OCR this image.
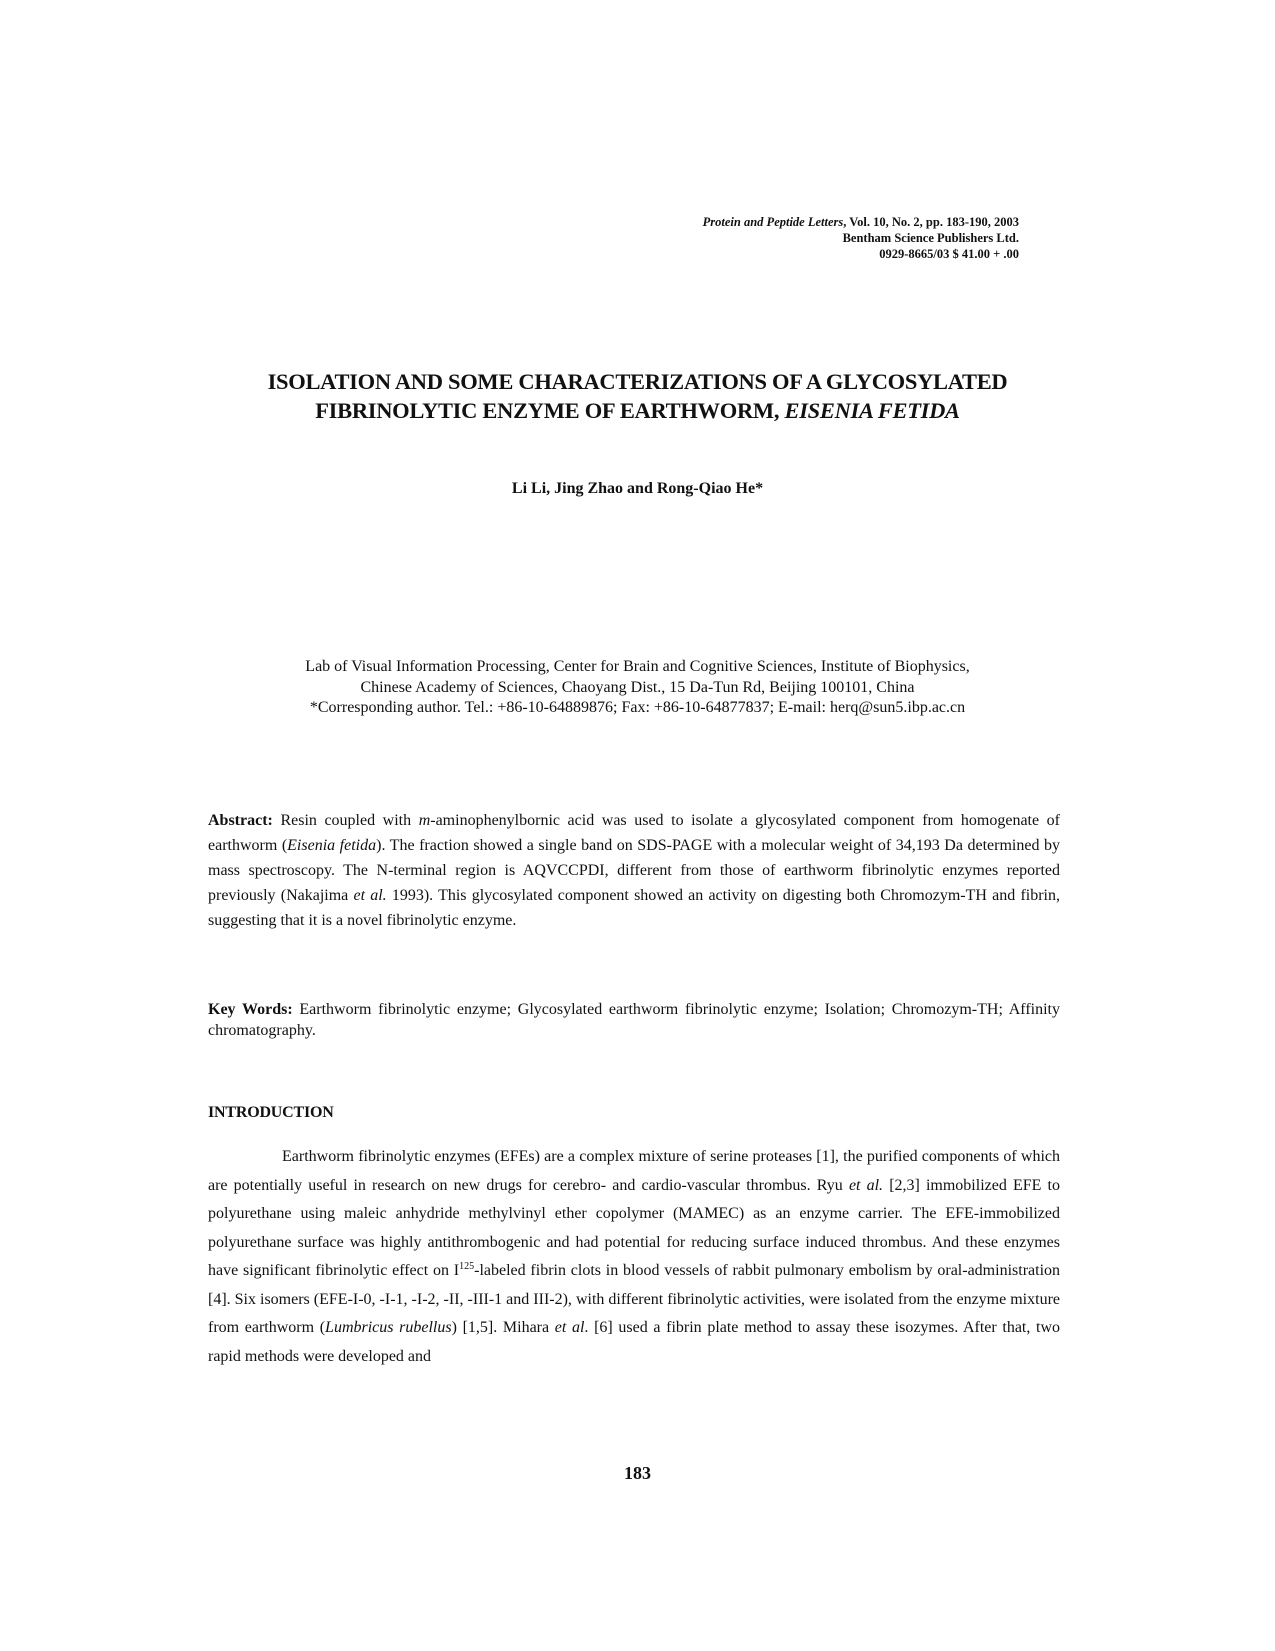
Protein and Peptide Letters, Vol. 10, No. 2, pp. 183-190, 2003
Bentham Science Publishers Ltd.
0929-8665/03 $ 41.00 + .00
ISOLATION AND SOME CHARACTERIZATIONS OF A GLYCOSYLATED
FIBRINOLYTIC ENZYME OF EARTHWORM, EISENIA FETIDA
Li Li, Jing Zhao and Rong-Qiao He*
Lab of Visual Information Processing, Center for Brain and Cognitive Sciences, Institute of Biophysics,
Chinese Academy of Sciences, Chaoyang Dist., 15 Da-Tun Rd, Beijing 100101, China
*Corresponding author. Tel.: +86-10-64889876; Fax: +86-10-64877837; E-mail: herq@sun5.ibp.ac.cn
Abstract: Resin coupled with m-aminophenylbornic acid was used to isolate a glycosylated component from homogenate of earthworm (Eisenia fetida). The fraction showed a single band on SDS-PAGE with a molecular weight of 34,193 Da determined by mass spectroscopy. The N-terminal region is AQVCCPDI, different from those of earthworm fibrinolytic enzymes reported previously (Nakajima et al. 1993). This glycosylated component showed an activity on digesting both Chromozym-TH and fibrin, suggesting that it is a novel fibrinolytic enzyme.
Key Words: Earthworm fibrinolytic enzyme; Glycosylated earthworm fibrinolytic enzyme; Isolation; Chromozym-TH; Affinity chromatography.
INTRODUCTION
Earthworm fibrinolytic enzymes (EFEs) are a complex mixture of serine proteases [1], the purified components of which are potentially useful in research on new drugs for cerebro- and cardio-vascular thrombus. Ryu et al. [2,3] immobilized EFE to polyurethane using maleic anhydride methylvinyl ether copolymer (MAMEC) as an enzyme carrier. The EFE-immobilized polyurethane surface was highly antithrombogenic and had potential for reducing surface induced thrombus. And these enzymes have significant fibrinolytic effect on $I^{125}$-labeled fibrin clots in blood vessels of rabbit pulmonary embolism by oral-administration [4]. Six isomers (EFE-I-0, -I-1, -I-2, -II, -III-1 and III-2), with different fibrinolytic activities, were isolated from the enzyme mixture from earthworm (Lumbricus rubellus) [1,5]. Mihara et al. [6] used a fibrin plate method to assay these isozymes. After that, two rapid methods were developed and
183
